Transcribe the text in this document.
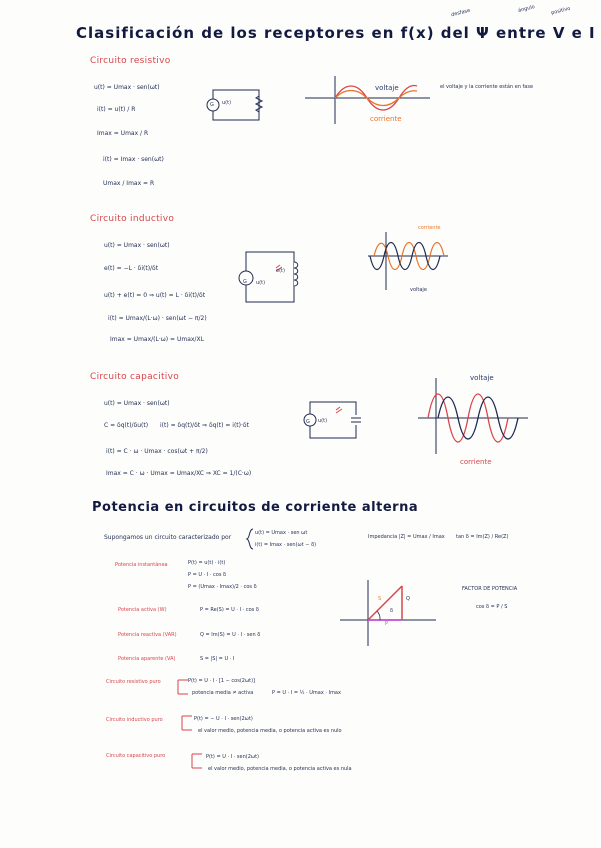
Clasificación de los receptores en f(x) del Ψ entre V e I
desfase	ángulo	positivo
Circuito resistivo
u(t) = Umax · sen(ωt)
i(t) = u(t) / R
Imax = Umax / R
i(t) = Imax · sen(ωt)
Umax / Imax = R
G u(t)
voltaje
corriente
el voltaje y la corriente están en fase
Circuito inductivo
u(t) = Umax · sen(ωt)
e(t) = −L · δi(t)/δt
u(t) + e(t) = 0 ⇒ u(t) = L · δi(t)/δt
i(t) = Umax/(L·ω) · sen(ωt − π/2)
Imax = Umax/(L·ω) = Umax/XL
G u(t)
e(t)
corriente
voltaje
Circuito capacitivo
u(t) = Umax · sen(ωt)
C = δq(t)/δu(t) i(t) = δq(t)/δt ⇒ δq(t) = i(t)·δt
i(t) = C · ω · Umax · cos(ωt + π/2)
Imax = C · ω · Umax = Umax/XC ⇒ XC = 1/(C·ω)
G u(t)
voltaje
corriente
Potencia en circuitos de corriente alterna
Supongamos un circuito caracterizado por
u(t) = Umax · sen ωt
i(t) = Imax · sen(ωt − δ)
Impedancia |Z| = Umax / Imax tan δ = Im(Z) / Re(Z)
Potencia instantánea	P(t) = u(t) · i(t)
P = U · I · cos δ
P = (Umax · Imax)/2 · cos δ
Potencia activa (W)	P = Re(S) = U · I · cos δ
Potencia reactiva (VAR)	Q = Im(S) = U · I · sen δ
Potencia aparente (VA)	S = |S| = U · I
S	Q
P
δ
FACTOR DE POTENCIA
cos δ = P / S
Circuito resistivo puro	P(t) = U · I · [1 − cos(2ωt)]
potencia media ≠ activa	P = U · I = ½ · Umax · Imax
Circuito inductivo puro	P(t) = − U · I · sen(2ωt)
el valor medio, potencia media, o potencia activa es nulo
Circuito capacitivo puro	P(t) = U · I · sen(2ωt)
el valor medio, potencia media, o potencia activa es nula
